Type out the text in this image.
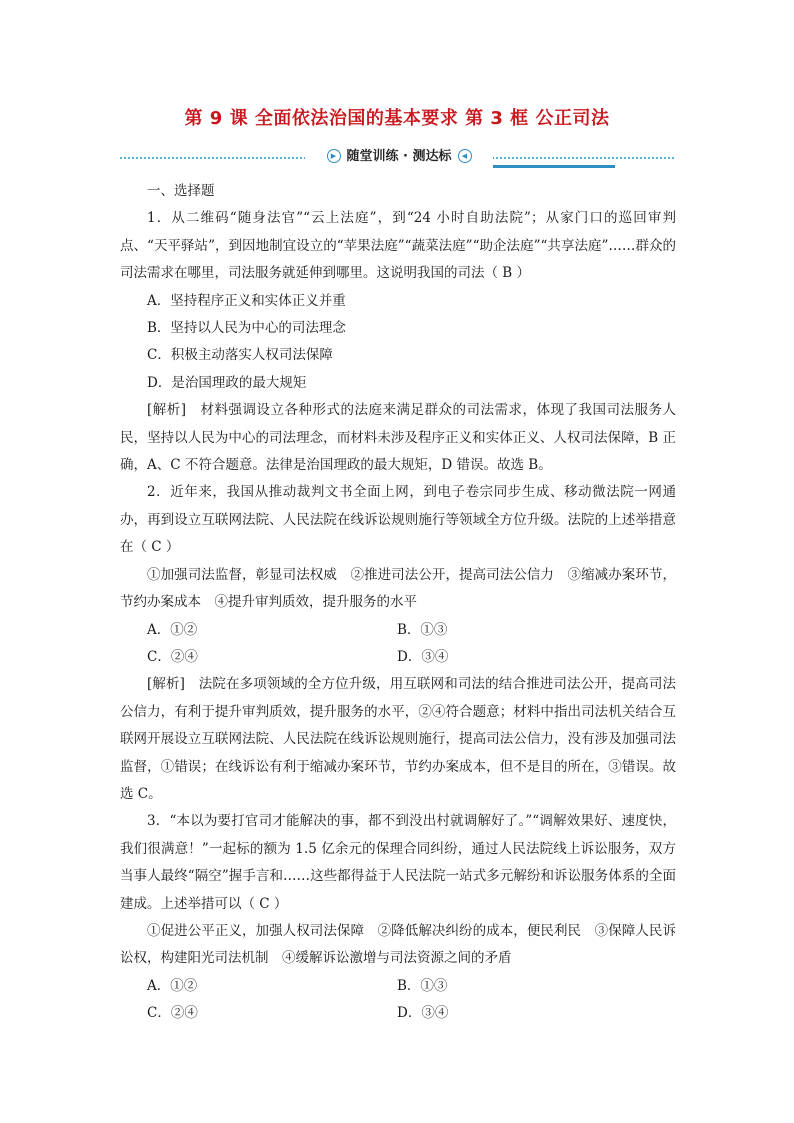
第 9 课 全面依法治国的基本要求 第 3 框 公正司法
▶ 随堂训练 · 测达标 ◀

一、选择题

1．从二维码“随身法官”“云上法庭”，到“24 小时自助法院”；从家门口的巡回审判点、“天平驿站”，到因地制宜设立的“苹果法庭”“蔬菜法庭”“助企法庭”“共享法庭”……群众的司法需求在哪里，司法服务就延伸到哪里。这说明我国的司法（ B ）

A．坚持程序正义和实体正义并重

B．坚持以人民为中心的司法理念

C．积极主动落实人权司法保障

D．是治国理政的最大规矩

[解析]　 材料强调设立各种形式的法庭来满足群众的司法需求，体现了我国司法服务人民，坚持以人民为中心的司法理念，而材料未涉及程序正义和实体正义、人权司法保障，B 正确，A、C 不符合题意。法律是治国理政的最大规矩，D 错误。故选 B。

2．近年来，我国从推动裁判文书全面上网，到电子卷宗同步生成、移动微法院一网通办，再到设立互联网法院、人民法院在线诉讼规则施行等领域全方位升级。法院的上述举措意在（ C ）

①加强司法监督，彰显司法权威　②推进司法公开，提高司法公信力　③缩减办案环节，节约办案成本　④提升审判质效，提升服务的水平

A．①②	B．①③
C．②④	D．③④

[解析]　 法院在多项领域的全方位升级，用互联网和司法的结合推进司法公开，提高司法公信力，有利于提升审判质效，提升服务的水平，②④符合题意；材料中指出司法机关结合互联网开展设立互联网法院、人民法院在线诉讼规则施行，提高司法公信力，没有涉及加强司法监督，①错误；在线诉讼有利于缩减办案环节，节约办案成本，但不是目的所在，③错误。故选 C。

3．“本以为要打官司才能解决的事，都不到没出村就调解好了。”“调解效果好、速度快，我们很满意！”一起标的额为 1.5 亿余元的保理合同纠纷，通过人民法院线上诉讼服务，双方当事人最终“隔空”握手言和……这些都得益于人民法院一站式多元解纷和诉讼服务体系的全面建成。上述举措可以（ C ）

①促进公平正义，加强人权司法保障　②降低解决纠纷的成本，便民利民　③保障人民诉讼权，构建阳光司法机制　④缓解诉讼激增与司法资源之间的矛盾

A．①②	B．①③
C．②④	D．③④
